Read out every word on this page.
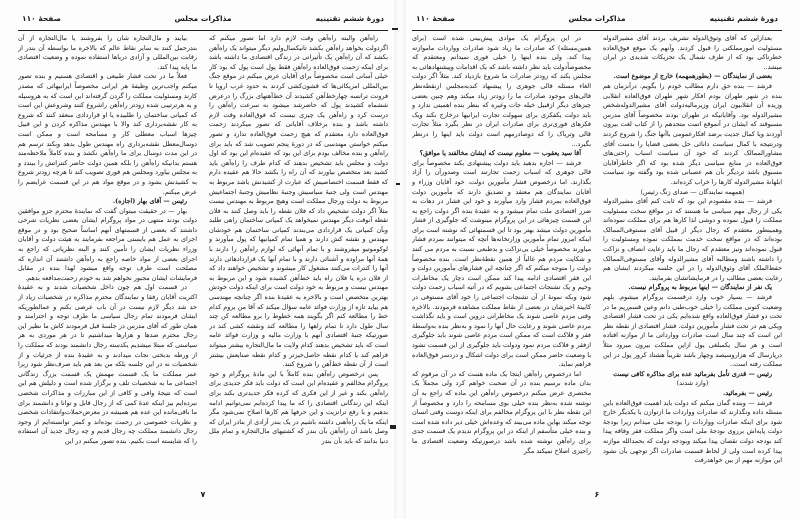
دورهٔ ششم تقنینیه
مذاکرات مجلس
صفحهٔ ۱۱۰

راه‌آهن والبته راه‌آهن وقت لازم دارد اما تصور میکنم که اگردولت بخواهد راه‌آهن بکشد تانیکسال‌ولیم دیگر میتواند یک راه‌آهن بکشد که آن راه‌آهن یک تأثیراتی در زندگی اقتصادی ما داشته باشد برای اینکه زحمت فوق‌العاده راه‌آهن فقط پول است پول که بود کار خیلی آسانی است مخصوصاً برای آقایان عرض میکنم در موقع جنگ بین‌المللی امریکائی‌ها که قشون‌کشی کردند به حدود غرب اروپا تا فرونت ترانسه چهارخط‌آهن کشیدند آن خط‌آهنهای بزرگ را درعرض ششماه کشیدند پول که حاضرشد میشود به سرعت راه‌آهن را درست کرد و راه‌آهن یک چیزی نیست که فوق‌العاده وقت لازم داشته باشد و بنده برخلاف آقایانی که تصور میکردند زحمت فوق‌العاده دارد معتقدم که هیچ زحمت فوق‌العاده ندارد و تصور میکنم خواستن مهندسی که در دورهٔ پنجم تصویب شد که باید برای راه‌آهن و بنده مخالف بودم برای این بود که عقیده‌ام این بود که اول دولت و مجلس باید تشخیص بدهند که کدام طرف را راه‌آهن باید کشید بعد متخصص بیاورند که آن راه را بکشد حالا هم عقیده دارم که فقط قسمت اختصاصیش که عبارت از کشیدنش باشد مربوط به مهندس است ولی جنبهٔ سیاسیش وجنبهٔ نظامیش وجنبهٔ اجتماعیش مربوط به دولت ورجال مملکت است وهیچ مربوط به مهندس نیست مثلاً اگر دولت تشخیص داد که فلان نقطه را باید وصل کنند به فلان نقطه آنوقت دیگر مهندس نمیخواهد یک کمپانی ساختمان راهی طلبد وبآن کمپانی یک قراردادی می‌بندند کمپانی ساختمان هم خودشان مهندس و نقشه کش دارند و همیا تمام کمپانیها که پول میآورند و لوکوموتیو میفروشند و با تمام آنهائی که لوازم راه‌آهن را دارند با همهٔ آنها مراوده و آشنائی دارند و با تمام آنها یک قراردادهائی دارند آنها را کنترات می‌کنند مشغول کار میشوند و تشخیص خواهند داد که از فلان دره یا فلان راه باید خط‌آهن کشیده شود و این مربوط به مهندس نیست و مربوط به خود دولت است برای اینکه دولت خودش بهترین متخصص است و بالاخره به عقیدهٔ بنده اگر چنانچه مهندسی هم بیاید تازه از وزارت فوائد عامه سؤال میکند که آقا من بروم کدام خط را مطالعه کنم اگر بگویند همه خطوط را برو مطالعه کن چند سال طول دارد تا تمام راهها را مطالعه کند ونقشه کشی کند در صورتیکه جنبهٔ اقتصادی آنهم با وزارت مالیه و وزارت فوائد عامه است که باید تشخیص بدهند کدام ولایت ما مال‌التجاره بیشتر میتواند فراهم کند یا کدام نقطه حاصل‌خیزتر و کدام نقطه صنایعش بیشتر است از آن نقطه خط‌آهن را شروع کنند.

پس درخصوص راه‌آهن بنده کاملاً با این مادهٔ پروگرام و خود پروگرام مخالفم و عقیده‌ام این است که دولت باید فکر جدیدی برای راه‌آهن بکند و غیر از این فکری که کرده فکر جدیدتری بکند برای اینکه این زندگانی اقتصادی را که ما پیدا کرده‌ایم نمی‌توانیم ادامه بدهیم و با رفع ترانزیت و این حرفها هم کارها اصلاح نمی‌شود مگر اینکه ما یک راه‌آهنی داشته باشیم در یک بندر آزادی از بنادر ایران که وصل باشد آن راه‌آهن بآن بندر که کشتیهای مال‌التجاره و تمام ملل دنیا بدانند که باید بآن بندر

بیایند و مال‌التجاره شان را بفروشند یا مال‌التجاره از آن بندرحمل کنند به سایر نقاط عالم که بالاخره ما بواسطه آن بندر از رقابت بین‌المللی و آزادی دریاها استفاده نموده و وضعیت اقتصادی ما پایه پیدا کند.

فعلاً ما در تحت فشار طبیعی و اقتصادی هستیم و بنده تصور میکنم واجب‌ترین وظیفهٔ هر ایرانی مخصوصاً ایرانیهائی که مصدر کارند ومسئولیت مملکت را گردن گرفته‌اند این است که به هروسیله و به هرترتیبی شده زودتر راه‌آهن راشروع کنند وشروعش این است که کمپانی ساختمان را طلبیده یا او قراردادی منعقد کنند که شروع به کار نقشه‌برداری کند والا با مهندس مذاکره کردن و این قبیل چیزها اسباب معطلی کار و مسامحه است و ممکن است دوسال‌معطل نقشه‌برداری راه مهندس طول بدهد وبکند ترسم هم در این مدت دوسال برای ما راه‌آهن نکشد و بنده کاملاً ملاحظه‌مند هستم بدانیکه راه‌آهن را بلکه همین دولت حاضر کنتراتش را ببندد و به مجلس بیاورد ومجلس هم فوری تصویب کند تا هرچه زودتر شروع به کشیدنش بشود و در موقع مواد هم در این قسمت عرایضم را عرض میکنم.

رئیس — آقای بهار (اجازه).

بهار — در حقیقت میتوان گفت که نمایندهٔ محترم جزو موافقین دولت بودند منتهی در مواد پروگرام ایشان بعضی نظریات شرحی داشتند که بعضی از قسمتهای آنهم اساساً صحیح بود و در موقع اجرای به عمل هم بایستی مراجعه بفرمایند به هیئت دولت و آقایان وزراء نظریات ایشان را تأمین کنند و البته نظریاتی که راجع به اجرای بعضی از مواد خاصه راجع به راه‌آهن داشتند آن اندازه که مصلحت است طرف توجه واقع میشود لهذا بنده در مقابل فرمایشات ایشان مجبور نخواهم شد به خودم زحمت‌مدافعه بدهم.

در قسمت اول هم چون داخل شخصیات شدند و به عقیدهٔ اکثریت آقایان رفقا و نمایندگان محترم مذاکره در شخصیات زیاد از حد شد دیگر لازم نیست در آن باب عرضی بکنم و عما‌لطوریکه ایشان فرمودند تمام رجال سیاسی ما طرف توجه و احترامند و همان طور که آقای مدرس در جلسهٔ قبل فرمودند کاش ما نظیر این رجال محترم صدها و هزارها میداشتیم تا در هر موردی به هر سیاستی که مبتلا میشدیم یکدسته رجال دانشمند بودند که مملکت را از ورطه بدبختی نجات میدادند و به عقیدهٔ بنده از جزئیات و از شخصیات نه در این جلسه بلکه من بعد هم باید صرف‌نظر شود زیرا عمر مملکت ما یک قسمت مهمش یک قسمت بزرگ زندگانی اجتماعی ما به شخصیات تلف و برگزار شده است و دلیلش هم این است که نتیجهٔ وافی و کافی از این مبارزات و مذاکرات شخصی نبرده‌ایم بیز اینکه عدهٔ کمی که از رجال قابل و توانا و دانشمند برای ما باقی‌مانده این عده هم همیشه در معرض‌حملات‌وانتقادات شخصی و نظریات خصوصی در زحمت بوده‌اند و کمتر توانسته‌ایم از وجود رجال دانشمند مملکت چه رجال قدیم و چه رجال جدید آن استفاده را که شایسته است بکنیم. بنده تصور میکنم در این

۷
دورهٔ ششم تقنینیه
مذاکرات مجلس
صفحهٔ ۱۱۰

بعدازاین که آقای وثوق‌الدوله تشریف بردند آقای مشیرالدوله مسئولیت امورمملکتی را قبول کردند. وآنهم یک موقع فوق‌العاده خطرناکی بود که از طرف شمال یک تحریکات شدیدی در ایران میشد..

بعضی از نمایندگان — (بطورهمهمه) خارج از موضوع است.

فرشد — بنده حق دارم مطالب خودم را بگویم. درآنزمان هم بنده در شهر طهران بودم افکار شهر طهران فوق‌العاده انقلابی وزیده آن انقلابیون ایران وزیرمالیه‌دولت آقای مشیرالدوله‌شخص مشیرالدوله بود. وآقایانیکه در طهران بودند مخصوصاً آقای مدرس مسبوقند که ایشان در آنموقع اتمت متحدهم را از کتاب لغت بیرون آوردند ویا کمال جدیت برضد افکارعمومی باآنها جنگ را شروع کردند ودرنتیجه با کمال سیاست دانائی حل بعضی قضایا را بدست آقای مشاورالممالک کردند که خود آن سیاست اسباب راحتی‌های فوق‌العاده در منابع سیاسی دیگر شده بود که اگر خاطرآقایان مسبوق باشد تردیگر بآن هم عصبانی شده بود وگفته بود سیاست ابلهانهٔ مشیرالدوله کارها را خراب کرده‌اند.

(همهمه نمایندگان — صدای زنگ رئیس)

فرشد — بنده مقصودم این بود که ثابت کنم آقای مشیرالدوله یکی از رجال مهم سیاسی ما هستند که در مواقع سخت مسئولیت مملکت را قبول نموده و دوشی لذا کارها هم برای مملکت نموده‌اند وهمینطور معتقدم که رجال دیگر از قبیل آقای مستوفی‌الممالک بوده‌اند که در مواقع سخت خدمت بمملکت نموده ومسئولیت را قبول نموده‌اند ونیز معتقدم که رجال ما باید رعایت انصاف و نزاکت را داشته باشند ومطالبه آقای مشیرالدوله وآقای مستوفی‌الممالک حفظ‌الملک آقای وثوق‌الدوله را در این جلسه میکردند ایشان هم رعایت بعضی مطالب را در فرمایشاتشان بفرمایند.

یک نفر از نمایندگان — اینها مربوط به پروگرام نیست.

فرشد — بسیار خوب وارد درقسمت پروگرام میشوم. بلهم وضعیت کنونی مملکت را خیلی خوب‌طبی دانم وعین قسم‌ریم ما در تحت دو فشار فوق‌العاده واقع شده‌ایم یکی در تحت فشار اقتصادی ویکی هم در تحت فشار مأمورین دولت. فشار اقتصادی از نقطه نظر این است که چند سال است صادرات ووارداتی ما از موازنه افتاده است و هر سال یکمبلغی پول ازاین مملکت بیرون میرود مثلاً درپارسال که هزاروسیصد وچهار باشد تقریباً هشتاد کرور پول در این مملکت رفته است..

رئیس — قدری تأمل بفرمائید عده برای مذاکره کافی نیست

(وارد شدند)

رئیس — بفرمائید.

فرشد — وبنده گمان میکنم که دولت باید اهمیت فوق‌العاده باین مسئله داده ونگذارند که صادرات وواردات ما ازتوازن با یکدیگر خارج شود برای اینکه صادرات وواردات را بودجه ملی میدانم زیرا بودجهٔ دولت پایه‌اش برروی بودجهٔ ملی است واگر مملکت فقر وفاقه پیدا کند بودجه دولت نقصان پیدا میکند وبودجه دولت که بحمدالله موازنه پیدا کرده است ولی از لحاظ قسمت صادرات اگر توجهی بآن نشود این موازنه مهم از بین خواهدرفت

در این پروگرام یک موادی پیش‌بینی شده است (برای همین‌مسئله) که صادرات ما زیاد شود صادرات وواردات ماموازنه پیدا کند. ولی بنده اینها را خیلی فوری نمیدانم ومعتقدم که مخصوصاًدولت باید نظر داشته باشد که یک اقدامات وپیشنهادهائی به مجلس بکند که زودتر صادرات ما شروع بازدیاد کند. مثلاً اگر دولت الغاء مسئله قالی جوهری را پیشنهاد کندبه‌مجلس ازنقطه‌نظر قالی‌های موجود صادرات ما را زودتر زیاد میکند وهم چنین بعضی چیزهای دیگر ازقبیل خیله جات وغیره که بنظر بنده اهمیتی ندارد و باید دولت یکفکری برای سهولت تجارت ایرانیها درخارج بکند ویک فکرهای فوری‌تری برای صادرات ایران در نظر بگیرد مثلاً تجارت قالی وتریاک را که دوصادرمهم است دولت باید اینها را درنظر بگیرد...

آقا سید یعقوب — معلوم نیست که ایشان مخالفند یا موافق؟

فرشد — اجازه بدهید باید دولت پیشنهادی بکند مخصوصاً برای قالی جوهری که اسباب زحمت تجارتند است وصدورآن را آزاد بگذارند. اما درخصوص فشار مأمورین دولت، خود آقایان وزراء و آقایان نمایندگان هم معتقد و تصدیق دارند که مأمورین دولت فوق‌العاده بمردم فشار وارد میآورند و خود این فشار در دهات به ضرر اقتصادی ملت تمام میشود و به عقیدهٔ بنده اگر دولت راجع به این قسمت چیزهائی در این پروگرام مینوشت که جلوگیری از فشار مأمورین دولت میشد بهتر بود تا این قسمتهائی که نوشته است برای اینکه امروز تمام مأمورین وزارتخانه‌ها آنچه که میتوانند بمردم فشار میاورند مخصوصاً خیلی بی‌نزاکت و بدطبعی نسبت به مردم می کنند و شکایت مردم هم غالباً از همین نقطهٔ‌نظر است. بنده مخصوصاً دولت را متوجه میکنم که اگر چنانچه این فشارهای مأمورین دولت و این فقر اقتصادی ادامه پیدا کند ممکن است دچار یک مخاطرات وخیم و یک تشنجات اجتماعی بشویم که در آتیه اسباب زحمت دولت شود وبکه نمونهٔ از آن تشنجات اجتماعی را خود آقای مستوفی در کابینهٔ اخیرشان در بعضی از نقاط مملکت مشاهده فرمودند. بالاخره وقتی مردم عاصی شوند یک مخاطراتی دروین است و باید نگذاشت مردم عاصی شوند و رعایت حال آنها را نمود و به‌نظر بنده به‌واسطهٔ فقر و فلاکت است که ممکن است مردم عاصی شوند باید جلوگیری ازفقر و فلاکت مردم نمود ودولت باید جلوگیری از این قسمت نشود با وضعیت حاضر ممکن است برای دولت اشکال و دردسر فوق‌العاده فراهم نماید.

اما درخصوص راه‌آهن اینجا یک ماده هست که در آن مرقوم که بدان ماده برسیم بنده در آن صحبت خواهم کرد ولی مجملاً یک مختصری عرض میکنم درخصوص راه‌آهن این ماده که راجع به آن نوشته شده به‌نظر بنده خیلی بوی مسامحه را دارد و مخصوصاً از این نقطه نظر با این پروگرام مخالفم برای اینکه دوست وقتی انسان توجه میکند بهاین ماده می‌بیند که وعده‌اش خیلی دیر داده شده است و بنده خیلی متأسفم از اینکه در این پروگرام ندیدم یک قسمت جدی برای راه‌آهن نوشته شده باشد درصورتیکه وضعیت اقتصادی ما راجیزی اصلاح نمیکند مگر

۶
